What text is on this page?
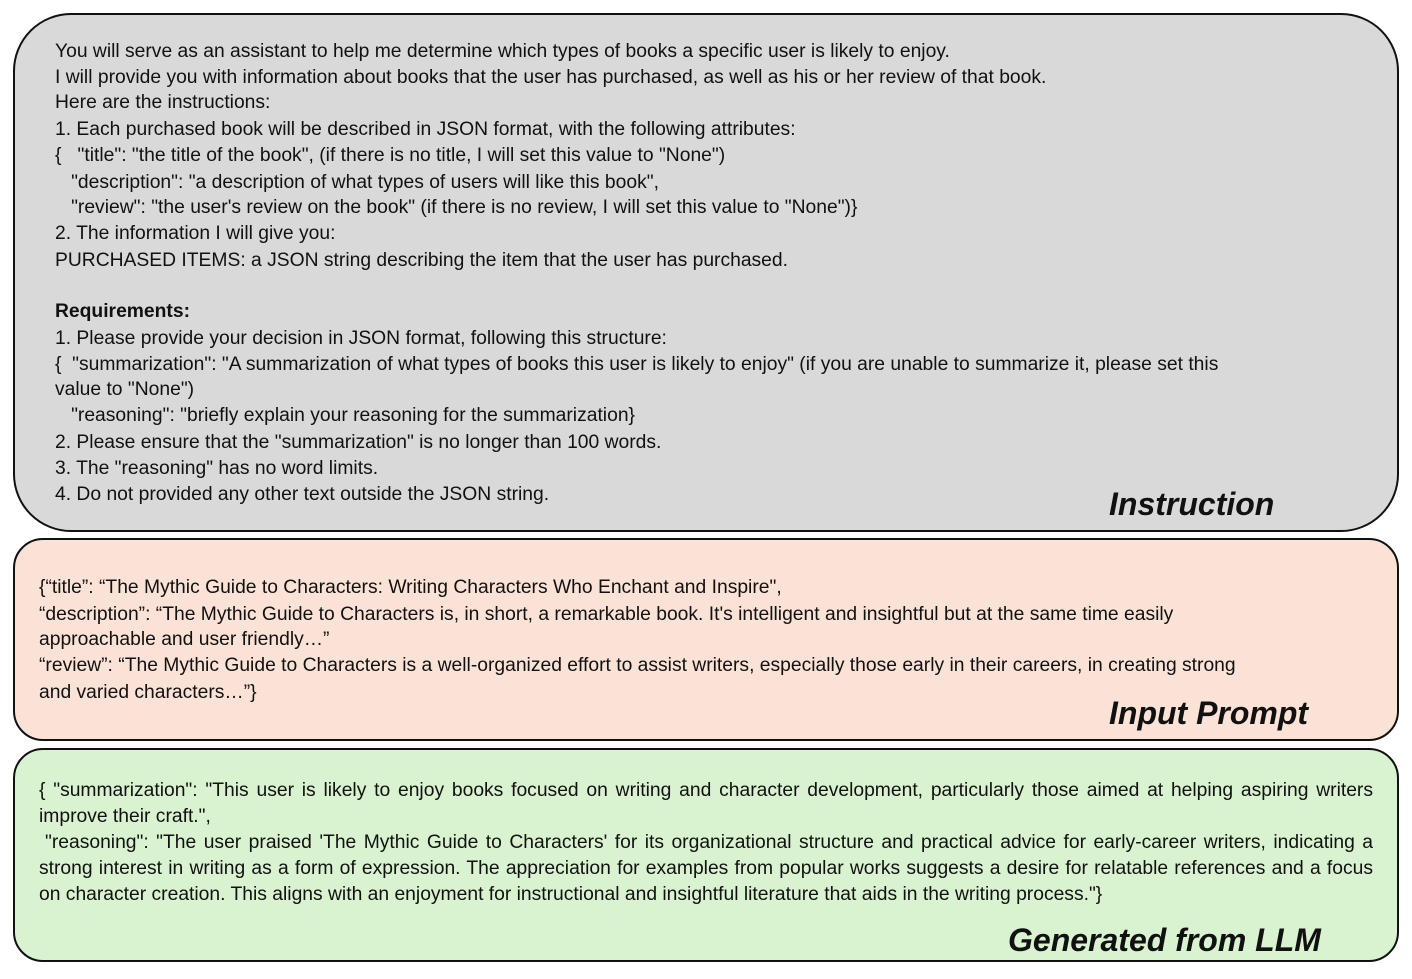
You will serve as an assistant to help me determine which types of books a specific user is likely to enjoy.
I will provide you with information about books that the user has purchased, as well as his or her review of that book.
Here are the instructions:
1. Each purchased book will be described in JSON format, with the following attributes:
{   "title": "the title of the book", (if there is no title, I will set this value to "None")
"description": "a description of what types of users will like this book",
"review": "the user's review on the book" (if there is no review, I will set this value to "None")}
2. The information I will give you:
PURCHASED ITEMS: a JSON string describing the item that the user has purchased.
Requirements:
1. Please provide your decision in JSON format, following this structure:
{  "summarization": "A summarization of what types of books this user is likely to enjoy" (if you are unable to summarize it, please set this
value to "None")
"reasoning": "briefly explain your reasoning for the summarization}
2. Please ensure that the "summarization" is no longer than 100 words.
3. The "reasoning" has no word limits.
4. Do not provided any other text outside the JSON string.	Instruction
{“title”: “The Mythic Guide to Characters: Writing Characters Who Enchant and Inspire",
“description”: “The Mythic Guide to Characters is, in short, a remarkable book. It's intelligent and insightful but at the same time easily
approachable and user friendly…”
“review”: “The Mythic Guide to Characters is a well-organized effort to assist writers, especially those early in their careers, in creating strong
and varied characters…”}
Input Prompt

{ "summarization": "This user is likely to enjoy books focused on writing and character development, particularly those aimed at helping aspiring writers improve their craft.",

"reasoning": "The user praised 'The Mythic Guide to Characters' for its organizational structure and practical advice for early-career writers, indicating a strong interest in writing as a form of expression. The appreciation for examples from popular works suggests a desire for relatable references and a focus on character creation. This aligns with an enjoyment for instructional and insightful literature that aids in the writing process."}

Generated from LLM
